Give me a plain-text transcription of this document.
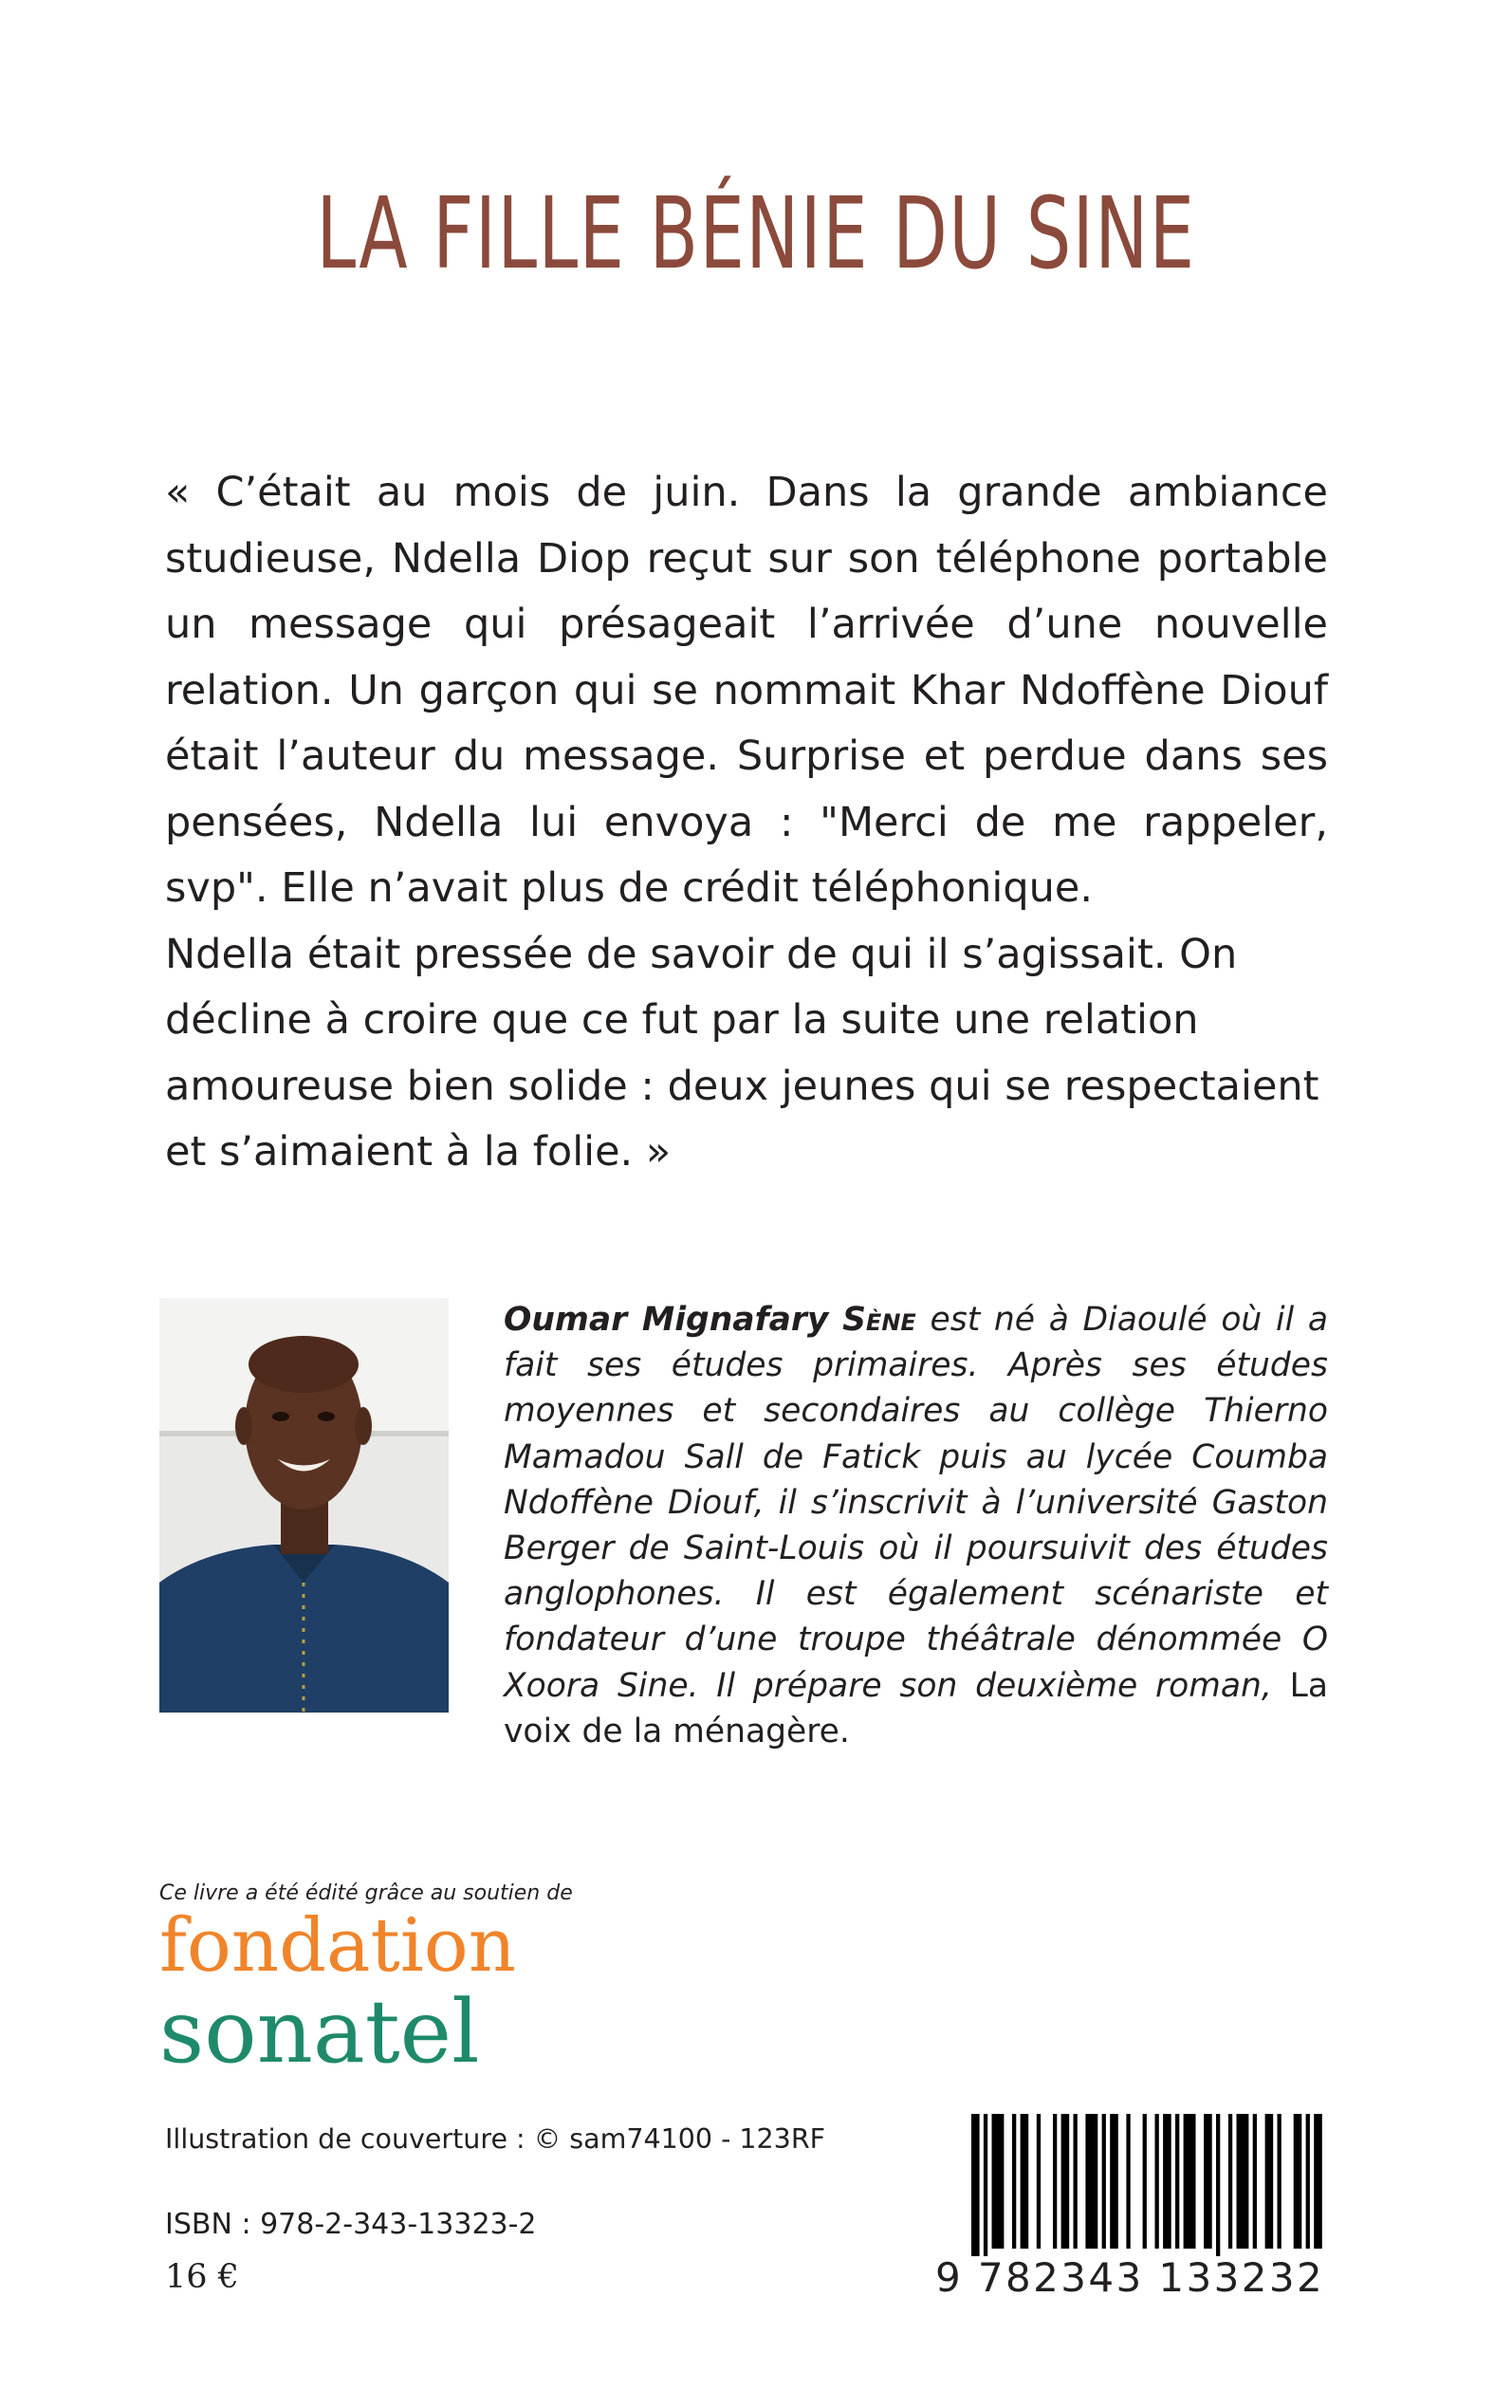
LA FILLE BÉNIE DU SINE

« C’était au mois de juin. Dans la grande ambiance studieuse, Ndella Diop reçut sur son téléphone portable un message qui présageait l’arrivée d’une nouvelle relation. Un garçon qui se nommait Khar Ndoffène Diouf était l’auteur du message. Surprise et perdue dans ses pensées, Ndella lui envoya : "Merci de me rappeler, svp". Elle n’avait plus de crédit téléphonique.

Ndella était pressée de savoir de qui il s’agissait. On décline à croire que ce fut par la suite une relation amoureuse bien solide : deux jeunes qui se respectaient et s’aimaient à la folie. »

Oumar Mignafary Sène est né à Diaoulé où il a fait ses études primaires. Après ses études moyennes et secondaires au collège Thierno Mamadou Sall de Fatick puis au lycée Coumba Ndoffène Diouf, il s’inscrivit à l’université Gaston Berger de Saint-Louis où il poursuivit des études anglophones. Il est également scénariste et fondateur d’une troupe théâtrale dénommée O Xoora Sine. Il prépare son deuxième roman, La voix de la ménagère.
Ce livre a été édité grâce au soutien de
fondation
sonatel
Illustration de couverture : © sam74100 - 123RF
ISBN : 978-2-343-13323-2
16 €	9 782343 133232
